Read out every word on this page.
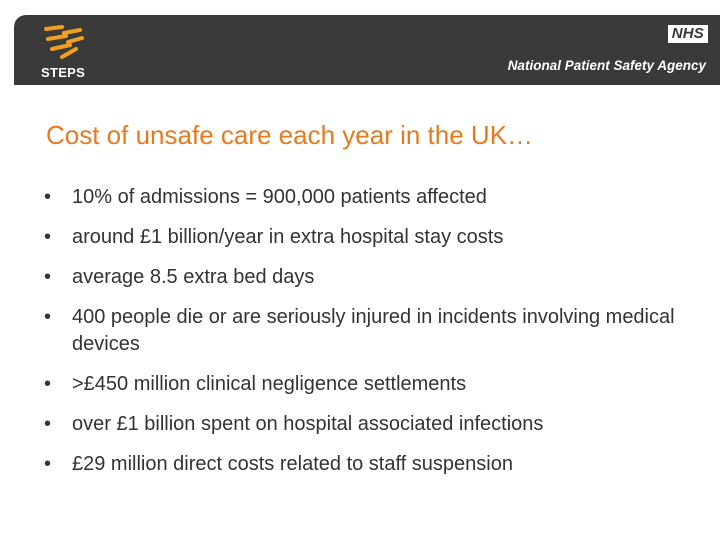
STEPS
NHS
National Patient Safety Agency
Cost of unsafe care each year in the UK…
• 10% of admissions = 900,000 patients affected
• around £1 billion/year in extra hospital stay costs
• average 8.5 extra bed days
• 400 people die or are seriously injured in incidents involving medical devices
• >£450 million clinical negligence settlements
• over £1 billion spent on hospital associated infections
• £29 million direct costs related to staff suspension
